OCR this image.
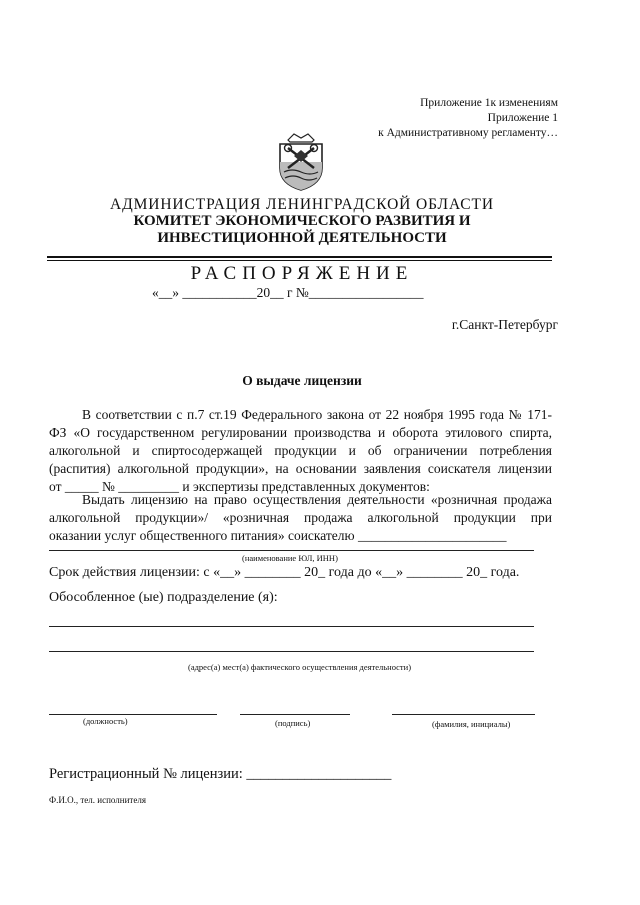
Приложение 1к изменениям
Приложение 1
к Административному регламенту…
АДМИНИСТРАЦИЯ ЛЕНИНГРАДСКОЙ ОБЛАСТИ
КОМИТЕТ ЭКОНОМИЧЕСКОГО РАЗВИТИЯ И
ИНВЕСТИЦИОННОЙ ДЕЯТЕЛЬНОСТИ
РАСПОРЯЖЕНИЕ
«__» ___________20__ г №_________________
г.Санкт-Петербург
О выдаче лицензии
В соответствии с п.7 ст.19 Федерального закона от 22 ноября 1995 года № 171-
ФЗ «О государственном регулировании производства и оборота этилового спирта,
алкогольной и спиртосодержащей продукции и об ограничении потребления
(распития) алкогольной продукции», на основании заявления соискателя лицензии
от _____ № _________ и экспертизы представленных документов:
Выдать лицензию на право осуществления деятельности «розничная продажа
алкогольной продукции»/ «розничная продажа алкогольной продукции при
оказании услуг общественного питания» соискателю ______________________
(наименование ЮЛ, ИНН)
Срок действия лицензии: с «__» ________ 20_ года до «__» ________ 20_ года.
Обособленное (ые) подразделение (я):
(адрес(а) мест(а) фактического осуществления деятельности)
(должность)	(подпись)	(фамилия, инициалы)
Регистрационный № лицензии: ____________________
Ф.И.О., тел. исполнителя
